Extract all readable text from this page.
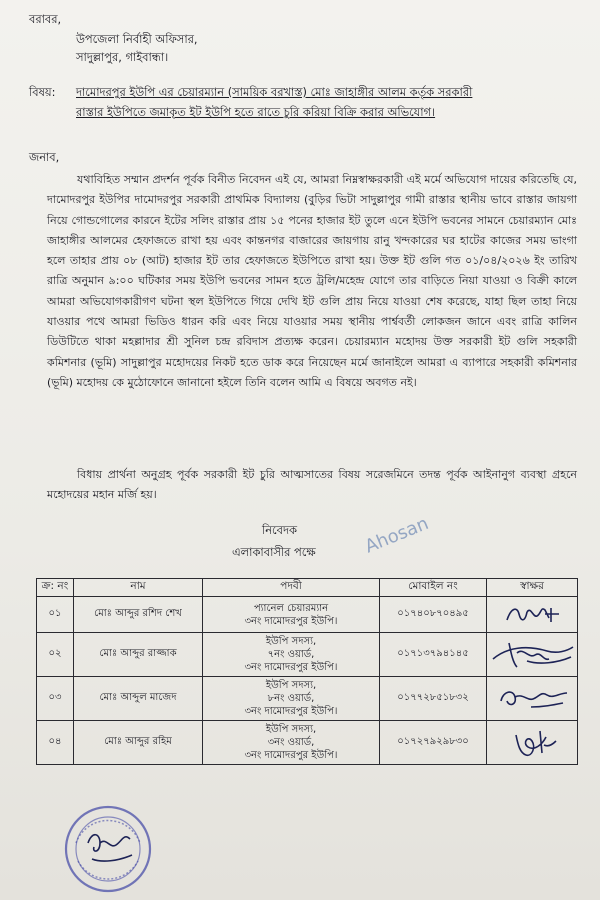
বরাবর,
উপজেলা নির্বাহী অফিসার,
সাদুল্লাপুর, গাইবান্ধা।
বিষয়: দামোদরপুর ইউপি এর চেয়ারম্যান (সাময়িক বরখাস্ত) মোঃ জাহাঙ্গীর আলম কর্তৃক সরকারী
রাস্তার ইউপিতে জমাকৃত ইট ইউপি হতে রাতে চুরি করিয়া বিক্রি করার অভিযোগ।
জনাব,

যথাবিহিত সম্মান প্রদর্শন পূর্বক বিনীত নিবেদন এই যে, আমরা নিম্নস্বাক্ষরকারী এই মর্মে অভিযোগ দায়ের করিতেছি যে, দামোদরপুর ইউপির দামোদরপুর সরকারী প্রাথমিক বিদ্যালয় (বুড়ির ভিটা সাদুল্লাপুর গামী রাস্তার স্থানীয় ভাবে রাস্তার জায়গা নিয়ে গোন্ডগোলের কারনে ইটের সলিং রাস্তার প্রায় ১৫ পনের হাজার ইট তুলে এনে ইউপি ভবনের সামনে চেয়ারম্যান মোঃ জাহাঙ্গীর আলমের হেফাজতে রাখা হয় এবং কান্তনগর বাজারের জায়গায় রানু খন্দকারের ঘর হাটের কাজের সময় ভাংগা হলে তাহার প্রায় ০৮ (আট) হাজার ইট তার হেফাজতে ইউপিতে রাখা হয়। উক্ত ইট গুলি গত ০১/০৪/২০২৬ ইং তারিখ রাত্রি অনুমান ৯:০০ ঘটিকার সময় ইউপি ভবনের সামন হতে ট্রলি/মহেন্দ্র যোগে তার বাড়িতে নিয়া যাওয়া ও বিক্রী কালে আমরা অভিযোগকারীগণ ঘটনা স্থল ইউপিতে গিয়ে দেখি ইট গুলি প্রায় নিয়ে যাওয়া শেষ করেছে, যাহা ছিল তাহা নিয়ে যাওয়ার পথে আমরা ভিডিও ধারন করি এবং নিয়ে যাওয়ার সময় স্থানীয় পার্শ্ববর্তী লোকজন জানে এবং রাত্রি কালিন ডিউটিতে থাকা মহল্লাদার শ্রী সুনিল চন্দ্র রবিদাস প্রত্যক্ষ করেন। চেয়ারম্যান মহোদয় উক্ত সরকারী ইট গুলি সহকারী কমিশনার (ভূমি) সাদুল্লাপুর মহোদয়ের নিকট হতে ডাক করে নিয়েছেন মর্মে জানাইলে আমরা এ ব্যাপারে সহকারী কমিশনার (ভূমি) মহোদয় কে মুঠোফোনে জানানো হইলে তিনি বলেন আমি এ বিষয়ে অবগত নই।

বিধায় প্রার্থনা অনুগ্রহ পূর্বক সরকারী ইট চুরি আত্মসাতের বিষয় সরেজমিনে তদন্ত পূর্বক আইনানুগ ব্যবস্থা গ্রহনে মহোদয়ের মহান মর্জি হয়।

নিবেদক
এলাকাবাসীর পক্ষে	Ahosan
ক্র: নং	নাম	পদবী	মোবাইল নং	স্বাক্ষর
০১	মোঃ আব্দুর রশিদ শেখ	প্যানেল চেয়ারম্যান
৩নং দামোদরপুর ইউপি।	০১৭৪০৮৭০৪৯৫	

০২	মোঃ আব্দুর রাজ্জাক	ইউপি সদস্য,
৭নং ওয়ার্ড,
৩নং দামোদরপুর ইউপি।	০১৭১৩৭৯৪১৪৫	

০৩	মোঃ আব্দুল মাজেদ	ইউপি সদস্য,
৮নং ওয়ার্ড,
৩নং দামোদরপুর ইউপি।	০১৭৭২৮৫১৮৩২	

০৪	মোঃ আব্দুর রহিম	ইউপি সদস্য,
৩নং ওয়ার্ড,
৩নং দামোদরপুর ইউপি।	০১৭২৭৯২৯৮৩০	
